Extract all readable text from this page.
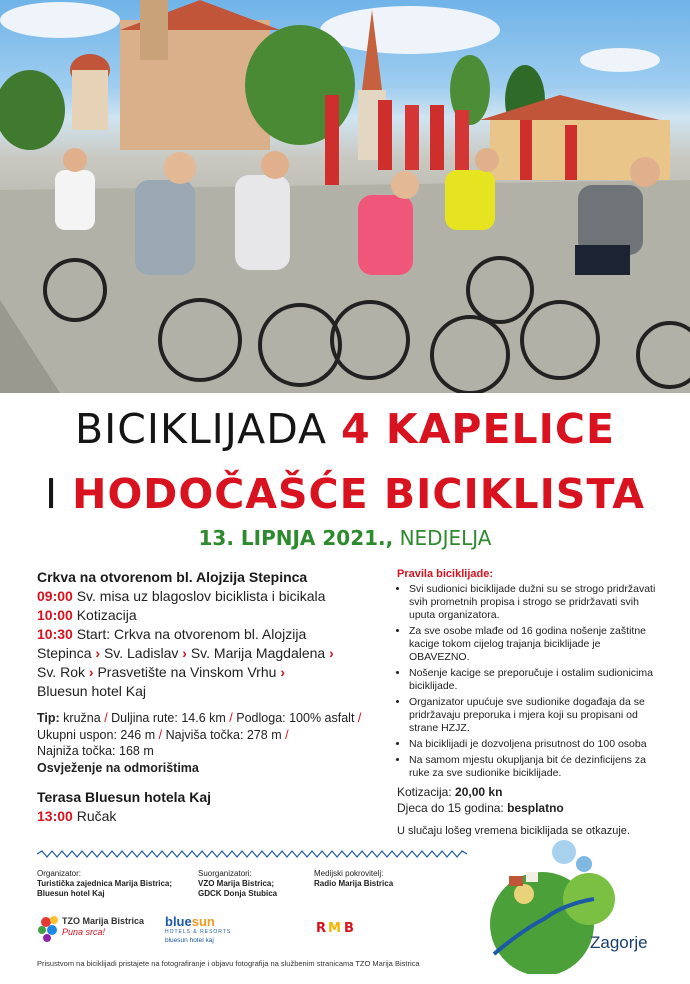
BICIKLIJADA 4 KAPELICE
I HODOČAŠĆE BICIKLISTA
13. LIPNJA 2021., NEDJELJA

Crkva na otvorenom bl. Alojzija Stepinca

09:00 Sv. misa uz blagoslov biciklista i bicikala

10:00 Kotizacija

10:30 Start: Crkva na otvorenom bl. Alojzija

Stepinca › Sv. Ladislav › Sv. Marija Magdalena ›

Sv. Rok › Prasvetište na Vinskom Vrhu ›

Bluesun hotel Kaj

Tip: kružna / Duljina rute: 14.6 km / Podloga: 100% asfalt /
Ukupni uspon: 246 m / Najviša točka: 278 m /
Najniža točka: 168 m
Osvježenje na odmorištima

Terasa Bluesun hotela Kaj

13:00 Ručak

Pravila biciklijade:
• Svi sudionici biciklijade dužni su se strogo pridržavati svih prometnih propisa i strogo se pridržavati svih uputa organizatora.
• Za sve osobe mlađe od 16 godina nošenje zaštitne kacige tokom cijelog trajanja biciklijade je OBAVEZNO.
• Nošenje kacige se preporučuje i ostalim sudionicima biciklijade.
• Organizator upućuje sve sudionike događaja da se pridržavaju preporuka i mjera koji su propisani od strane HZJZ.
• Na biciklijadi je dozvoljena prisutnost do 100 osoba
• Na samom mjestu okupljanja bit će dezinficijens za ruke za sve sudionike biciklijade.
Kotizacija: 20,00 kn
Djeca do 15 godina: besplatno
U slučaju lošeg vremena biciklijada se otkazuje.
Organizator:
Turistička zajednica Marija Bistrica; Bluesun hotel Kaj
Suorganizatori:
VZO Marija Bistrica;
GDCK Donja Stubica
Medijski pokrovitelj:
Radio Marija Bistrica
TZO Marija Bistrica
Puna srca!
bluesun
HOTELS & RESORTS
bluesun hotel kaj
R M B
Zagorje
Prisustvom na biciklijadi pristajete na fotografiranje i objavu fotografija na službenim stranicama TZO Marija Bistrica
